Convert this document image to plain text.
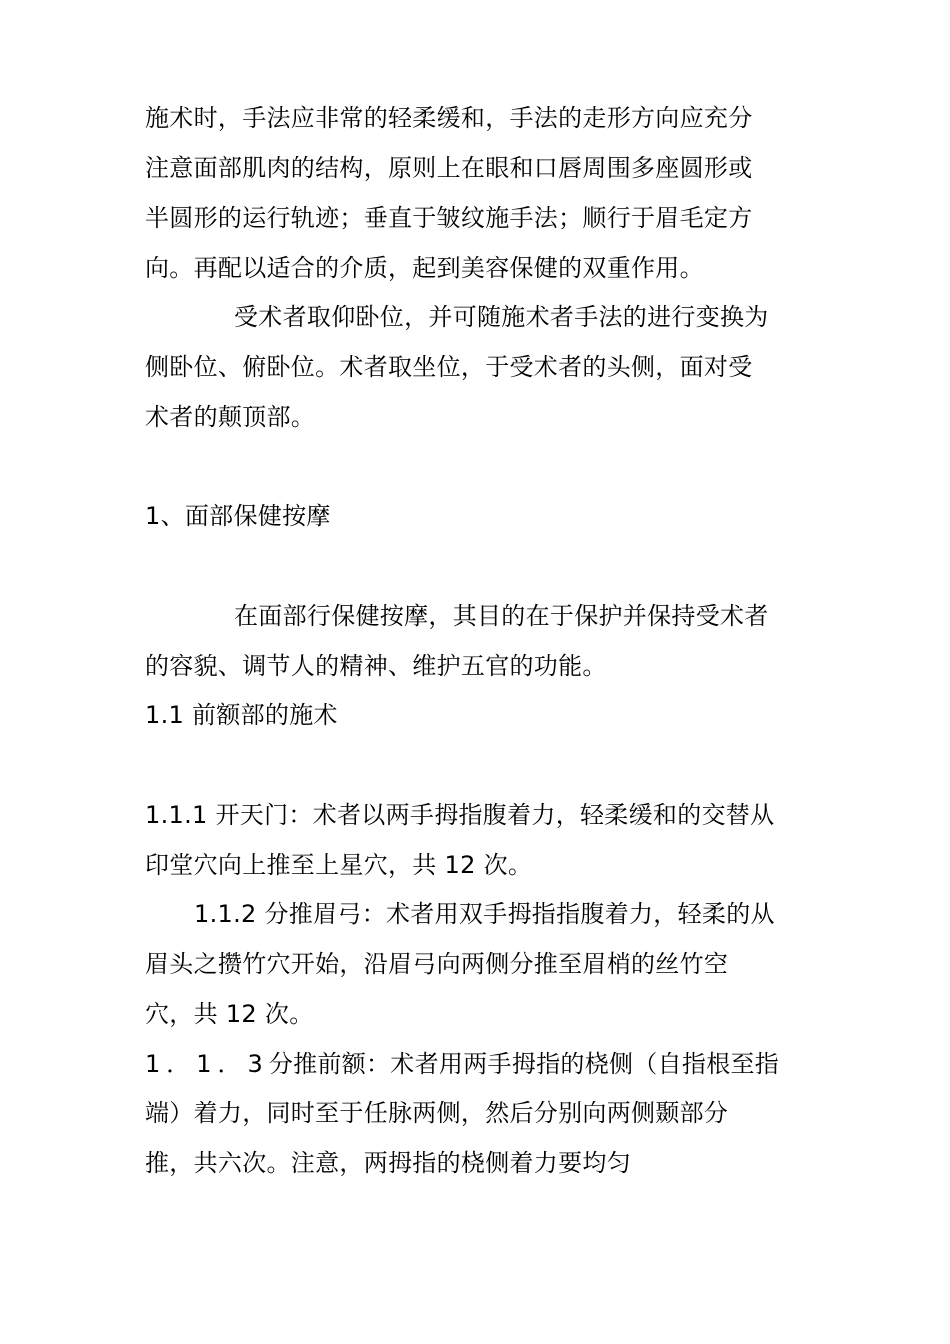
施术时，手法应非常的轻柔缓和，手法的走形方向应充分
注意面部肌肉的结构，原则上在眼和口唇周围多座圆形或
半圆形的运行轨迹；垂直于皱纹施手法；顺行于眉毛定方
向。再配以适合的介质，起到美容保健的双重作用。
受术者取仰卧位，并可随施术者手法的进行变换为
侧卧位、俯卧位。术者取坐位，于受术者的头侧，面对受
术者的颠顶部。
1、面部保健按摩
在面部行保健按摩，其目的在于保护并保持受术者
的容貌、调节人的精神、维护五官的功能。
1.1 前额部的施术
1.1.1 开天门：术者以两手拇指腹着力，轻柔缓和的交替从
印堂穴向上推至上星穴，共 12 次。
1.1.2 分推眉弓：术者用双手拇指指腹着力，轻柔的从
眉头之攒竹穴开始，沿眉弓向两侧分推至眉梢的丝竹空
穴，共 12 次。
1．1．3分推前额：术者用两手拇指的桡侧（自指根至指
端）着力，同时至于任脉两侧，然后分别向两侧颞部分
推，共六次。注意，两拇指的桡侧着力要均匀
